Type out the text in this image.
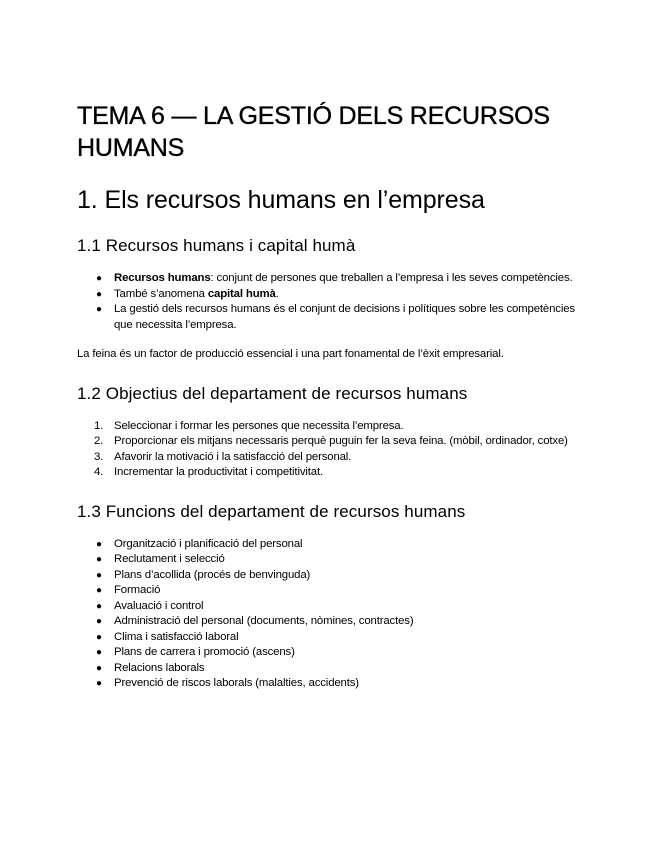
TEMA 6 — LA GESTIÓ DELS RECURSOS HUMANS
1. Els recursos humans en l’empresa
1.1 Recursos humans i capital humà
● Recursos humans: conjunt de persones que treballen a l’empresa i les seves competències.
● També s’anomena capital humà.
● La gestió dels recursos humans és el conjunt de decisions i polítiques sobre les competències que necessita l’empresa.

La feina és un factor de producció essencial i una part fonamental de l’èxit empresarial.

1.2 Objectius del departament de recursos humans
1. Seleccionar i formar les persones que necessita l’empresa.
2. Proporcionar els mitjans necessaris perquè puguin fer la seva feina. (mòbil, ordinador, cotxe)
3. Afavorir la motivació i la satisfacció del personal.
4. Incrementar la productivitat i competitivitat.
1.3 Funcions del departament de recursos humans
● Organització i planificació del personal
● Reclutament i selecció
● Plans d’acollida (procés de benvinguda)
● Formació
● Avaluació i control
● Administració del personal (documents, nòmines, contractes)
● Clima i satisfacció laboral
● Plans de carrera i promoció (ascens)
● Relacions laborals
● Prevenció de riscos laborals (malalties, accidents)
